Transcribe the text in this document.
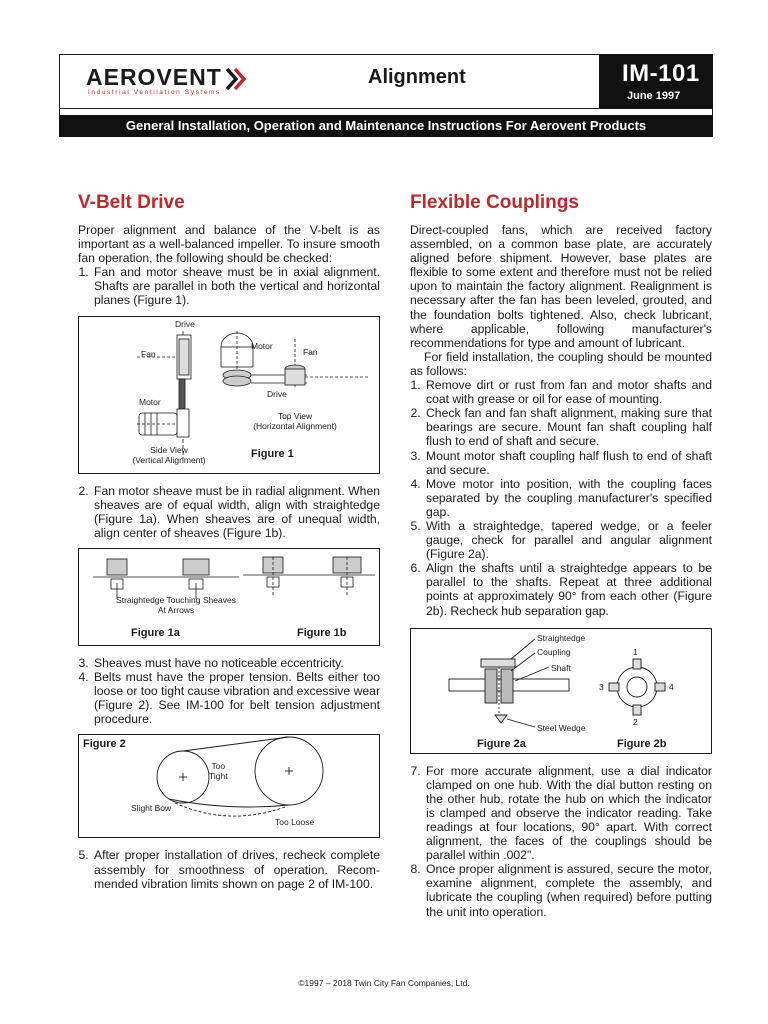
AEROVENT
Industrial Ventilation Systems
Alignment	IM-101
June 1997
General Installation, Operation and Maintenance Instructions For Aerovent Products
V-Belt Drive

Proper alignment and balance of the V-belt is as important as a well-balanced impeller. To insure smooth fan operation, the following should be checked:

1. Fan and motor sheave must be in axial alignment. Shafts are parallel in both the vertical and horizontal planes (Figure 1).
Drive
Fan
Motor
Motor
Fan
Drive
Top View
(Horizontal Alignment)
Side View
(Vertical Alignment)	Figure 1
2. Fan motor sheave must be in radial alignment. When sheaves are of equal width, align with straightedge (Figure 1a). When sheaves are of unequal width, align center of sheaves (Figure 1b).
Straightedge Touching Sheaves
At Arrows
Figure 1a	Figure 1b
3. Sheaves must have no noticeable eccentricity.
4. Belts must have the proper tension. Belts either too loose or too tight cause vibration and excessive wear (Figure 2). See IM-100 for belt tension adjustment procedure.
Figure 2
Too
Tight
Slight Bow
Too Loose
5. After proper installation of drives, recheck complete assembly for smoothness of operation. Recom-mended vibration limits shown on page 2 of IM-100.
Flexible Couplings

Direct-coupled fans, which are received factory assembled, on a common base plate, are accurately aligned before shipment. However, base plates are flexible to some extent and therefore must not be relied upon to maintain the factory alignment. Realignment is necessary after the fan has been leveled, grouted, and the foundation bolts tightened. Also, check lubricant, where applicable, following manufacturer's recommendations for type and amount of lubricant.

For field installation, the coupling should be mounted as follows:

1. Remove dirt or rust from fan and motor shafts and coat with grease or oil for ease of mounting.
2. Check fan and fan shaft alignment, making sure that bearings are secure. Mount fan shaft coupling half flush to end of shaft and secure.
3. Mount motor shaft coupling half flush to end of shaft and secure.
4. Move motor into position, with the coupling faces separated by the coupling manufacturer's specified gap.
5. With a straightedge, tapered wedge, or a feeler gauge, check for parallel and angular alignment (Figure 2a).
6. Align the shafts until a straightedge appears to be parallel to the shafts. Repeat at three additional points at approximately 90° from each other (Figure 2b). Recheck hub separation gap.
Straightedge
Coupling
Shaft
Steel Wedge
1
2
3	4
Figure 2a	Figure 2b
7. For more accurate alignment, use a dial indicator clamped on one hub. With the dial button resting on the other hub, rotate the hub on which the indicator is clamped and observe the indicator reading. Take readings at four locations, 90° apart. With correct alignment, the faces of the couplings should be parallel within .002".
8. Once proper alignment is assured, secure the motor, examine alignment, complete the assembly, and lubricate the coupling (when required) before putting the unit into operation.
©1997 – 2018 Twin City Fan Companies, Ltd.
